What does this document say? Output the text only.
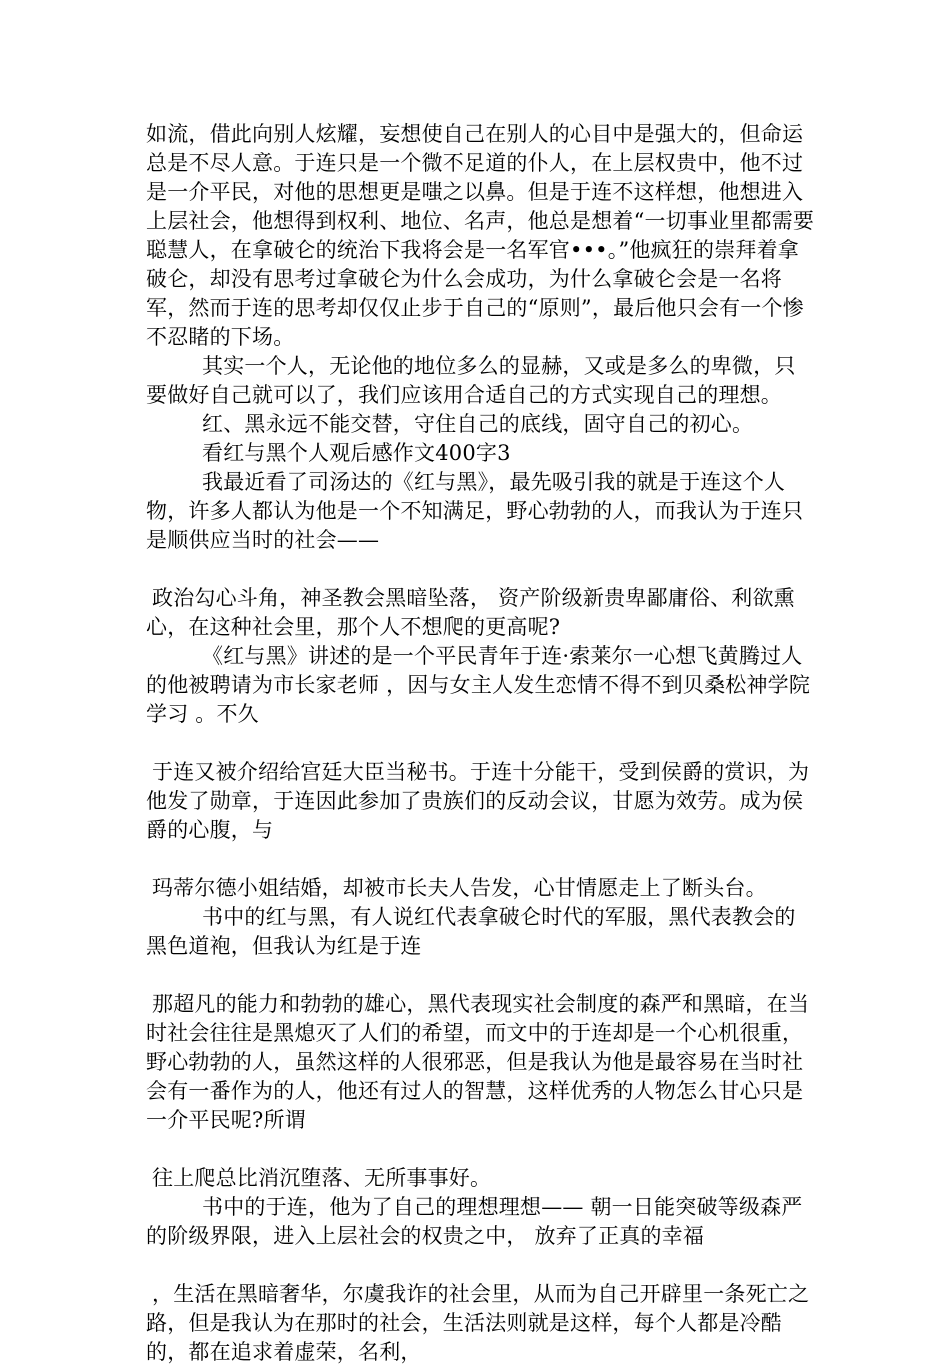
如流，借此向别人炫耀，妄想使自己在别人的心目中是强大的，但命运总是不尽人意。于连只是一个微不足道的仆人，在上层权贵中，他不过是一介平民，对他的思想更是嗤之以鼻。但是于连不这样想，他想进入上层社会，他想得到权利、地位、名声，他总是想着“一切事业里都需要聪慧人，在拿破仑的统治下我将会是一名军官•••。”他疯狂的崇拜着拿破仑，却没有思考过拿破仑为什么会成功，为什么拿破仑会是一名将军，然而于连的思考却仅仅止步于自己的“原则”，最后他只会有一个惨不忍睹的下场。

其实一个人，无论他的地位多么的显赫，又或是多么的卑微，只要做好自己就可以了，我们应该用合适自己的方式实现自己的理想。

红、黑永远不能交替，守住自己的底线，固守自己的初心。

看红与黑个人观后感作文400字3

我最近看了司汤达的《红与黑》，最先吸引我的就是于连这个人物，许多人都认为他是一个不知满足，野心勃勃的人，而我认为于连只是顺供应当时的社会——

政治勾心斗角，神圣教会黑暗坠落， 资产阶级新贵卑鄙庸俗、利欲熏心，在这种社会里，那个人不想爬的更高呢?

《红与黑》讲述的是一个平民青年于连·索莱尔一心想飞黄腾过人的他被聘请为市长家老师 ，因与女主人发生恋情不得不到贝桑松神学院学习 。不久

于连又被介绍给宫廷大臣当秘书。于连十分能干，受到侯爵的赏识，为他发了勋章，于连因此参加了贵族们的反动会议，甘愿为效劳。成为侯爵的心腹，与

玛蒂尔德小姐结婚，却被市长夫人告发，心甘情愿走上了断头台。

书中的红与黑，有人说红代表拿破仑时代的军服，黑代表教会的黑色道袍，但我认为红是于连

那超凡的能力和勃勃的雄心，黑代表现实社会制度的森严和黑暗，在当时社会往往是黑熄灭了人们的希望，而文中的于连却是一个心机很重，野心勃勃的人，虽然这样的人很邪恶，但是我认为他是最容易在当时社会有一番作为的人，他还有过人的智慧，这样优秀的人物怎么甘心只是一介平民呢?所谓

往上爬总比消沉堕落、无所事事好。

书中的于连，他为了自己的理想理想—— 朝一日能突破等级森严的阶级界限，进入上层社会的权贵之中， 放弃了正真的幸福

，生活在黑暗奢华，尔虞我诈的社会里，从而为自己开辟里一条死亡之路，但是我认为在那时的社会，生活法则就是这样，每个人都是冷酷的，都在追求着虚荣，名利，
